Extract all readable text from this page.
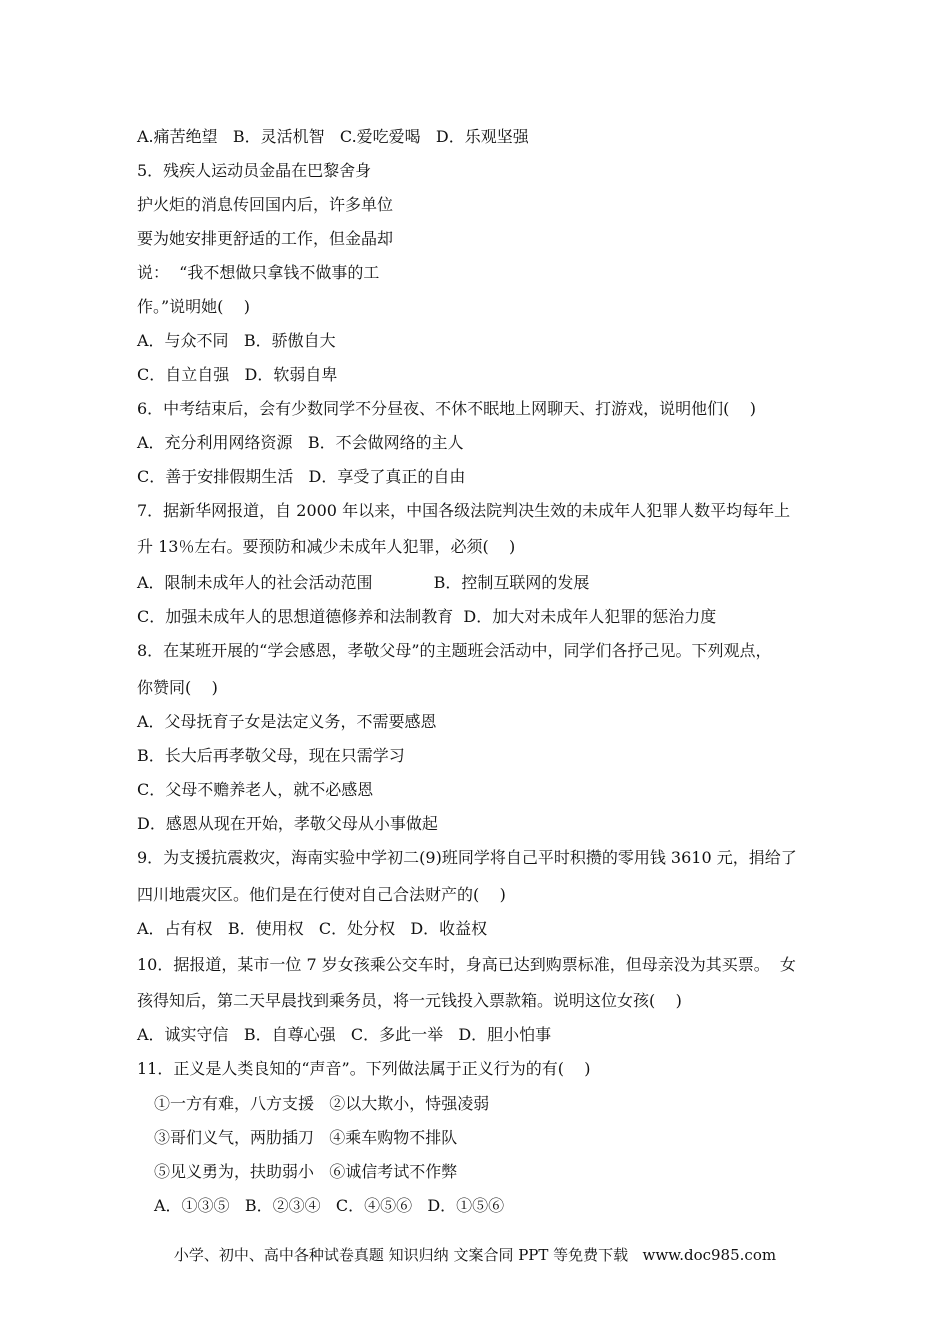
A.痛苦绝望   B．灵活机智   C.爱吃爱喝   D．乐观坚强
5．残疾人运动员金晶在巴黎舍身
护火炬的消息传回国内后，许多单位
要为她安排更舒适的工作，但金晶却
说：  “我不想做只拿钱不做事的工
作。”说明她(    )
A．与众不同   B．骄傲自大
C．自立自强   D．软弱自卑
6．中考结束后，会有少数同学不分昼夜、不休不眠地上网聊天、打游戏，说明他们(    )
A．充分利用网络资源   B．不会做网络的主人
C．善于安排假期生活   D．享受了真正的自由
7．据新华网报道，自 2000 年以来，中国各级法院判决生效的未成年人犯罪人数平均每年上
升 13％左右。要预防和减少未成年人犯罪，必须(    )
A．限制未成年人的社会活动范围            B．控制互联网的发展
C．加强未成年人的思想道德修养和法制教育  D．加大对未成年人犯罪的惩治力度
8．在某班开展的“学会感恩，孝敬父母”的主题班会活动中，同学们各抒己见。下列观点，
你赞同(    )
A．父母抚育子女是法定义务，不需要感恩
B．长大后再孝敬父母，现在只需学习
C．父母不赡养老人，就不必感恩
D．感恩从现在开始，孝敬父母从小事做起
9．为支援抗震救灾，海南实验中学初二(9)班同学将自己平时积攒的零用钱 3610 元，捐给了
四川地震灾区。他们是在行使对自己合法财产的(    )
A．占有权   B．使用权   C．处分权   D．收益权
10．据报道，某市一位 7 岁女孩乘公交车时，身高已达到购票标准，但母亲没为其买票。  女
孩得知后，第二天早晨找到乘务员，将一元钱投入票款箱。说明这位女孩(    )
A．诚实守信   B．自尊心强   C．多此一举   D．胆小怕事
11．正义是人类良知的“声音”。下列做法属于正义行为的有(    )
①一方有难，八方支援   ②以大欺小，恃强凌弱
③哥们义气，两肋插刀   ④乘车购物不排队
⑤见义勇为，扶助弱小   ⑥诚信考试不作弊
A．①③⑤   B．②③④   C．④⑤⑥   D．①⑤⑥
小学、初中、高中各种试卷真题 知识归纳 文案合同 PPT 等免费下载   www.doc985.com
